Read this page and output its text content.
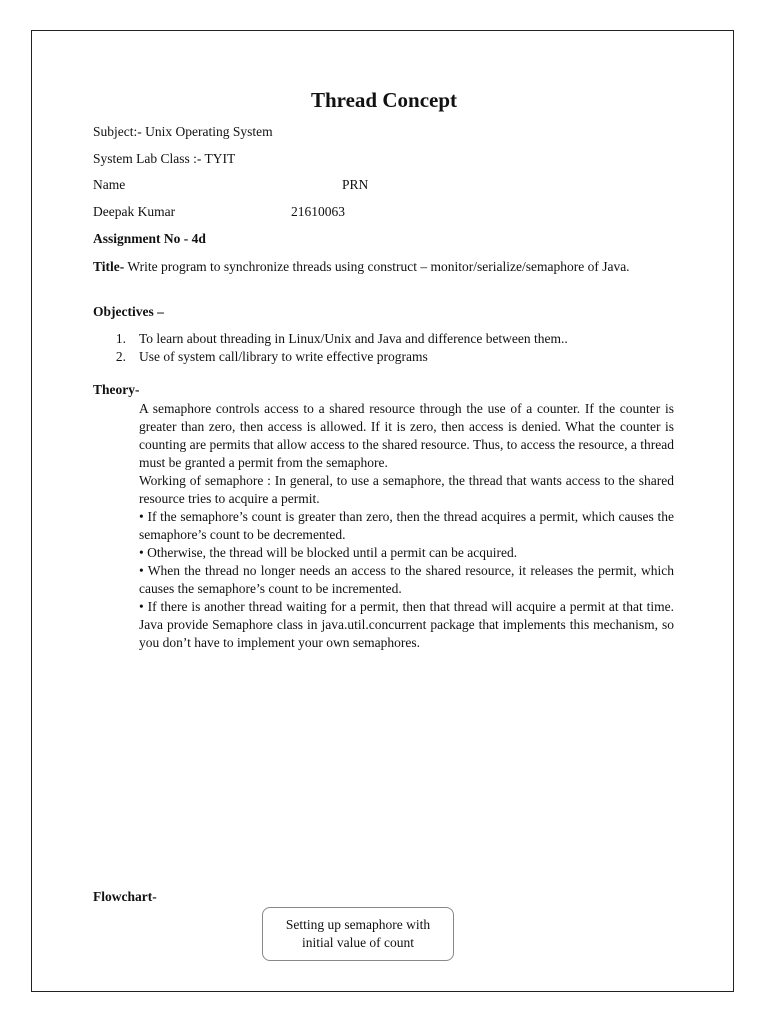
Thread Concept
Subject:- Unix Operating System
System Lab Class :- TYIT
Name	PRN
Deepak Kumar	21610063
Assignment No - 4d
Title- Write program to synchronize threads using construct – monitor/serialize/semaphore of Java.
Objectives –
1. To learn about threading in Linux/Unix and Java and difference between them..
2. Use of system call/library to write effective programs
Theory-

A semaphore controls access to a shared resource through the use of a counter. If the counter is greater than zero, then access is allowed. If it is zero, then access is denied. What the counter is counting are permits that allow access to the shared resource. Thus, to access the resource, a thread must be granted a permit from the semaphore.

Working of semaphore : In general, to use a semaphore, the thread that wants access to the shared resource tries to acquire a permit.

• If the semaphore’s count is greater than zero, then the thread acquires a permit, which causes the semaphore’s count to be decremented.

• Otherwise, the thread will be blocked until a permit can be acquired.

• When the thread no longer needs an access to the shared resource, it releases the permit, which causes the semaphore’s count to be incremented.

• If there is another thread waiting for a permit, then that thread will acquire a permit at that time. Java provide Semaphore class in java.util.concurrent package that implements this mechanism, so you don’t have to implement your own semaphores.

Flowchart-
Setting up semaphore with initial value of count
